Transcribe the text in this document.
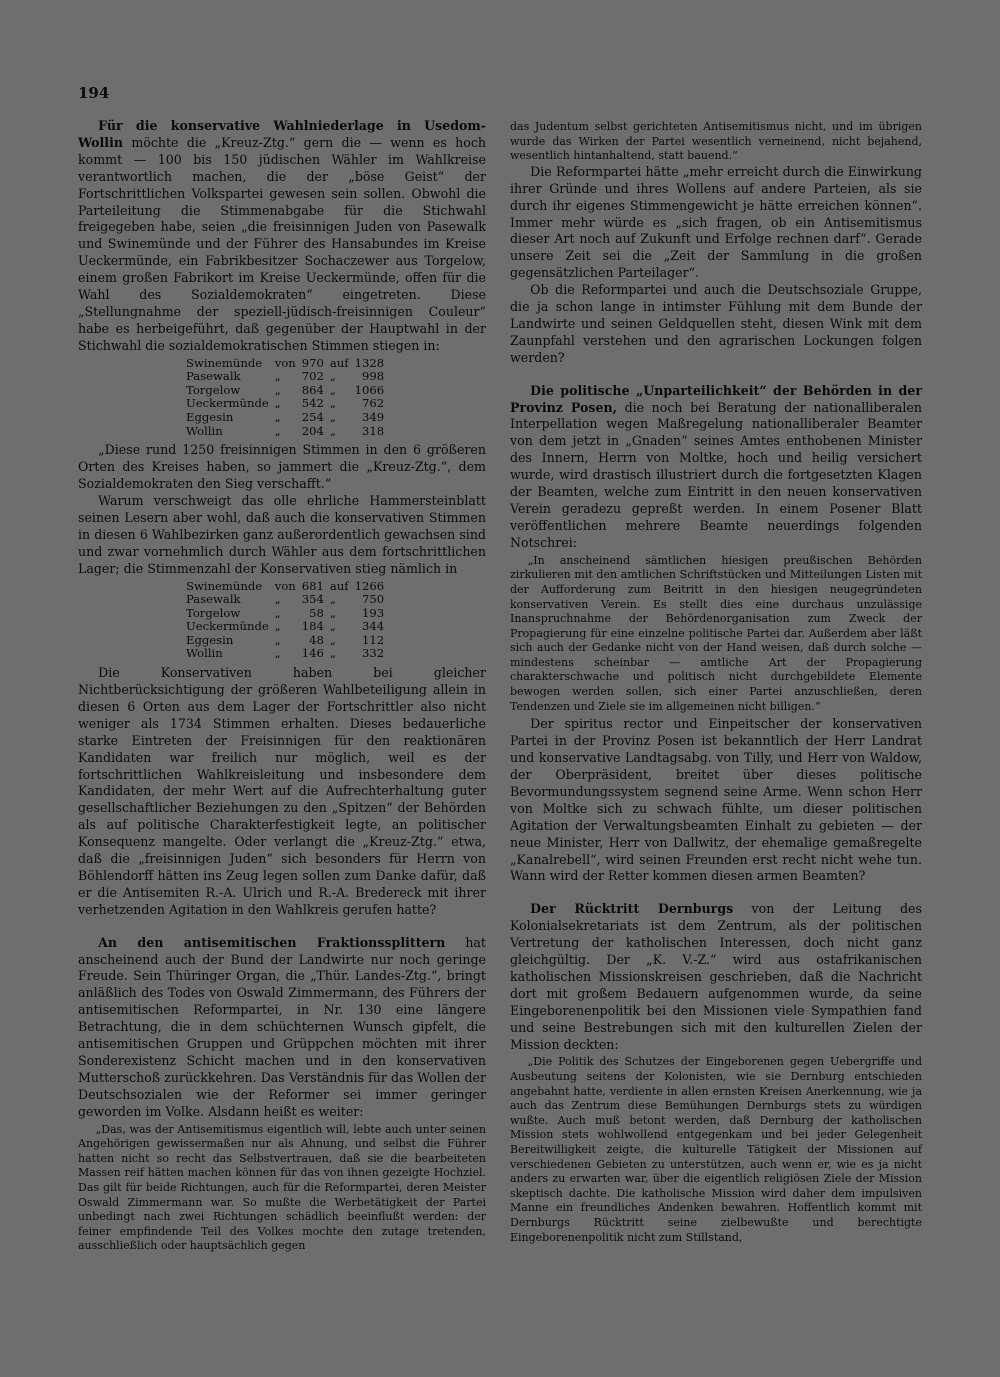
194

Für die konservative Wahlniederlage in Usedom-Wollin möchte die „Kreuz-Ztg.“ gern die — wenn es hoch kommt — 100 bis 150 jüdischen Wähler im Wahlkreise verantwortlich machen, die der „böse Geist“ der Fortschrittlichen Volkspartei gewesen sein sollen. Obwohl die Parteileitung die Stimmenabgabe für die Stichwahl freigegeben habe, seien „die freisinnigen Juden von Pasewalk und Swinemünde und der Führer des Hansabundes im Kreise Ueckermünde, ein Fabrikbesitzer Sochaczewer aus Torgelow, einem großen Fabrikort im Kreise Ueckermünde, offen für die Wahl des Sozialdemokraten“ eingetreten. Diese „Stellungnahme der speziell-jüdisch-freisinnigen Couleur“ habe es herbeigeführt, daß gegenüber der Hauptwahl in der Stichwahl die sozialdemokratischen Stimmen stiegen in:

Swinemünde	von	970	auf	1328
Pasewalk	„	702	„	998
Torgelow	„	864	„	1066
Ueckermünde	„	542	„	762
Eggesin	„	254	„	349
Wollin	„	204	„	318

„Diese rund 1250 freisinnigen Stimmen in den 6 größeren Orten des Kreises haben, so jammert die „Kreuz-Ztg.“, dem Sozialdemokraten den Sieg verschafft.“

Warum verschweigt das olle ehrliche Hammersteinblatt seinen Lesern aber wohl, daß auch die konservativen Stimmen in diesen 6 Wahlbezirken ganz außerordentlich gewachsen sind und zwar vornehmlich durch Wähler aus dem fortschrittlichen Lager; die Stimmenzahl der Konservativen stieg nämlich in

Swinemünde	von	681	auf	1266
Pasewalk	„	354	„	750
Torgelow	„	58	„	193
Ueckermünde	„	184	„	344
Eggesin	„	48	„	112
Wollin	„	146	„	332

Die Konservativen haben bei gleicher Nichtberücksichtigung der größeren Wahlbeteiligung allein in diesen 6 Orten aus dem Lager der Fortschrittler also nicht weniger als 1734 Stimmen erhalten. Dieses bedauerliche starke Eintreten der Freisinnigen für den reaktionären Kandidaten war freilich nur möglich, weil es der fortschrittlichen Wahlkreisleitung und insbesondere dem Kandidaten, der mehr Wert auf die Aufrechterhaltung guter gesellschaftlicher Beziehungen zu den „Spitzen“ der Behörden als auf politische Charakterfestigkeit legte, an politischer Konsequenz mangelte. Oder verlangt die „Kreuz-Ztg.“ etwa, daß die „freisinnigen Juden“ sich besonders für Herrn von Böhlendorff hätten ins Zeug legen sollen zum Danke dafür, daß er die Antisemiten R.-A. Ulrich und R.-A. Bredereck mit ihrer verhetzenden Agitation in den Wahlkreis gerufen hatte?

An den antisemitischen Fraktionssplittern hat anscheinend auch der Bund der Landwirte nur noch geringe Freude. Sein Thüringer Organ, die „Thür. Landes-Ztg.“, bringt anläßlich des Todes von Oswald Zimmermann, des Führers der antisemitischen Reformpartei, in Nr. 130 eine längere Betrachtung, die in dem schüchternen Wunsch gipfelt, die antisemitischen Gruppen und Grüppchen möchten mit ihrer Sonderexistenz Schicht machen und in den konservativen Mutterschoß zurückkehren. Das Verständnis für das Wollen der Deutschsozialen wie der Reformer sei immer geringer geworden im Volke. Alsdann heißt es weiter:

„Das, was der Antisemitismus eigentlich will, lebte auch unter seinen Angehörigen gewissermaßen nur als Ahnung, und selbst die Führer hatten nicht so recht das Selbstvertrauen, daß sie die bearbeiteten Massen reif hätten machen können für das von ihnen gezeigte Hochziel. Das gilt für beide Richtungen, auch für die Reformpartei, deren Meister Oswald Zimmermann war. So mußte die Werbetätigkeit der Partei unbedingt nach zwei Richtungen schädlich beeinflußt werden: der feiner empfindende Teil des Volkes mochte den zutage tretenden, ausschließlich oder hauptsächlich gegen

das Judentum selbst gerichteten Antisemitismus nicht, und im übrigen wurde das Wirken der Partei wesentlich verneinend, nicht bejahend, wesentlich hintanhaltend, statt bauend.“

Die Reformpartei hätte „mehr erreicht durch die Einwirkung ihrer Gründe und ihres Wollens auf andere Parteien, als sie durch ihr eigenes Stimmengewicht je hätte erreichen können“. Immer mehr würde es „sich fragen, ob ein Antisemitismus dieser Art noch auf Zukunft und Erfolge rechnen darf“. Gerade unsere Zeit sei die „Zeit der Sammlung in die großen gegensätzlichen Parteilager“.

Ob die Reformpartei und auch die Deutschsoziale Gruppe, die ja schon lange in intimster Fühlung mit dem Bunde der Landwirte und seinen Geldquellen steht, diesen Wink mit dem Zaunpfahl verstehen und den agrarischen Lockungen folgen werden?

Die politische „Unparteilichkeit“ der Behörden in der Provinz Posen, die noch bei Beratung der nationalliberalen Interpellation wegen Maßregelung nationalliberaler Beamter von dem jetzt in „Gnaden“ seines Amtes enthobenen Minister des Innern, Herrn von Moltke, hoch und heilig versichert wurde, wird drastisch illustriert durch die fortgesetzten Klagen der Beamten, welche zum Eintritt in den neuen konservativen Verein geradezu gepreßt werden. In einem Posener Blatt veröffentlichen mehrere Beamte neuerdings folgenden Notschrei:

„In anscheinend sämtlichen hiesigen preußischen Behörden zirkulieren mit den amtlichen Schriftstücken und Mitteilungen Listen mit der Aufforderung zum Beitritt in den hiesigen neugegründeten konservativen Verein. Es stellt dies eine durchaus unzulässige Inanspruchnahme der Behördenorganisation zum Zweck der Propagierung für eine einzelne politische Partei dar. Außerdem aber läßt sich auch der Gedanke nicht von der Hand weisen, daß durch solche — mindestens scheinbar — amtliche Art der Propagierung charakterschwache und politisch nicht durchgebildete Elemente bewogen werden sollen, sich einer Partei anzuschließen, deren Tendenzen und Ziele sie im allgemeinen nicht billigen.“

Der spiritus rector und Einpeitscher der konservativen Partei in der Provinz Posen ist bekanntlich der Herr Landrat und konservative Landtagsabg. von Tilly, und Herr von Waldow, der Oberpräsident, breitet über dieses politische Bevormundungssystem segnend seine Arme. Wenn schon Herr von Moltke sich zu schwach fühlte, um dieser politischen Agitation der Verwaltungsbeamten Einhalt zu gebieten — der neue Minister, Herr von Dallwitz, der ehemalige gemaßregelte „Kanalrebell“, wird seinen Freunden erst recht nicht wehe tun. Wann wird der Retter kommen diesen armen Beamten?

Der Rücktritt Dernburgs von der Leitung des Kolonialsekretariats ist dem Zentrum, als der politischen Vertretung der katholischen Interessen, doch nicht ganz gleichgültig. Der „K. V.-Z.“ wird aus ostafrikanischen katholischen Missionskreisen geschrieben, daß die Nachricht dort mit großem Bedauern aufgenommen wurde, da seine Eingeborenenpolitik bei den Missionen viele Sympathien fand und seine Bestrebungen sich mit den kulturellen Zielen der Mission deckten:

„Die Politik des Schutzes der Eingeborenen gegen Uebergriffe und Ausbeutung seitens der Kolonisten, wie sie Dernburg entschieden angebahnt hatte, verdiente in allen ernsten Kreisen Anerkennung, wie ja auch das Zentrum diese Bemühungen Dernburgs stets zu würdigen wußte. Auch muß betont werden, daß Dernburg der katholischen Mission stets wohlwollend entgegenkam und bei jeder Gelegenheit Bereitwilligkeit zeigte, die kulturelle Tätigkeit der Missionen auf verschiedenen Gebieten zu unterstützen, auch wenn er, wie es ja nicht anders zu erwarten war, über die eigentlich religiösen Ziele der Mission skeptisch dachte. Die katholische Mission wird daher dem impulsiven Manne ein freundliches Andenken bewahren. Hoffentlich kommt mit Dernburgs Rücktritt seine zielbewußte und berechtigte Eingeborenenpolitik nicht zum Stillstand,
